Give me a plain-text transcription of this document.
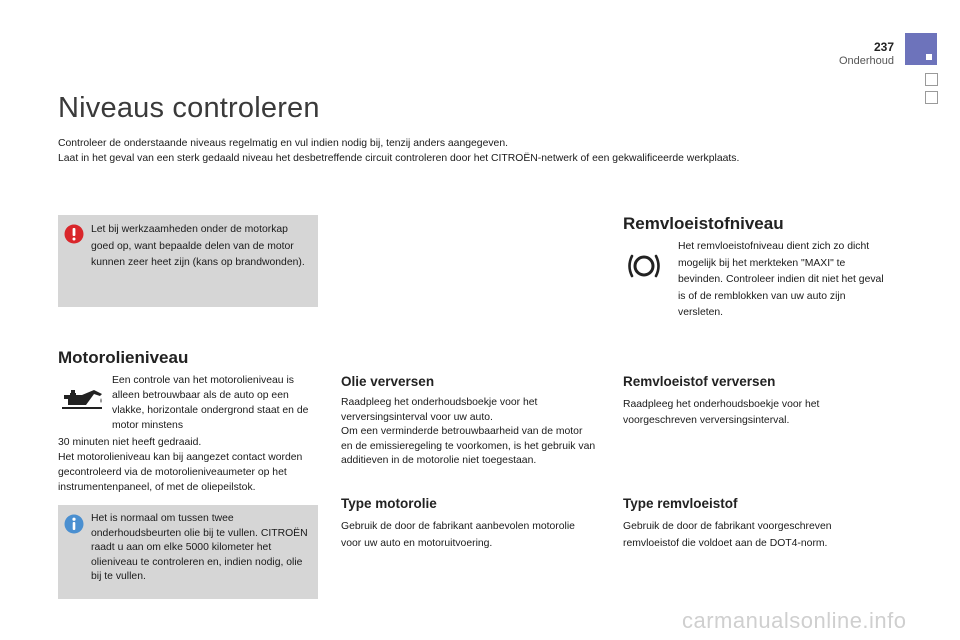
237
Onderhoud
Niveaus controleren
Controleer de onderstaande niveaus regelmatig en vul indien nodig bij, tenzij anders aangegeven.
Laat in het geval van een sterk gedaald niveau het desbetreffende circuit controleren door het CITROËN-netwerk of een gekwalificeerde werkplaats.
Let bij werkzaamheden onder de motorkap goed op, want bepaalde delen van de motor kunnen zeer heet zijn (kans op brandwonden).
Motorolieniveau
Een controle van het motorolieniveau is alleen betrouwbaar als de auto op een vlakke, horizontale ondergrond staat en de motor minstens
30 minuten niet heeft gedraaid.
Het motorolieniveau kan bij aangezet contact worden gecontroleerd via de motorolieniveaumeter op het instrumentenpaneel, of met de oliepeilstok.
Het is normaal om tussen twee onderhoudsbeurten olie bij te vullen. CITROËN raadt u aan om elke 5000 kilometer het olieniveau te controleren en, indien nodig, olie bij te vullen.
Olie verversen
Raadpleeg het onderhoudsboekje voor het verversingsinterval voor uw auto.
Om een verminderde betrouwbaarheid van de motor en de emissieregeling te voorkomen, is het gebruik van additieven in de motorolie niet toegestaan.
Type motorolie
Gebruik de door de fabrikant aanbevolen motorolie voor uw auto en motoruitvoering.
Remvloeistofniveau
Het remvloeistofniveau dient zich zo dicht mogelijk bij het merkteken "MAXI" te bevinden. Controleer indien dit niet het geval is of de remblokken van uw auto zijn versleten.
Remvloeistof verversen
Raadpleeg het onderhoudsboekje voor het voorgeschreven verversingsinterval.
Type remvloeistof
Gebruik de door de fabrikant voorgeschreven remvloeistof die voldoet aan de DOT4-norm.
carmanualsonline.info
